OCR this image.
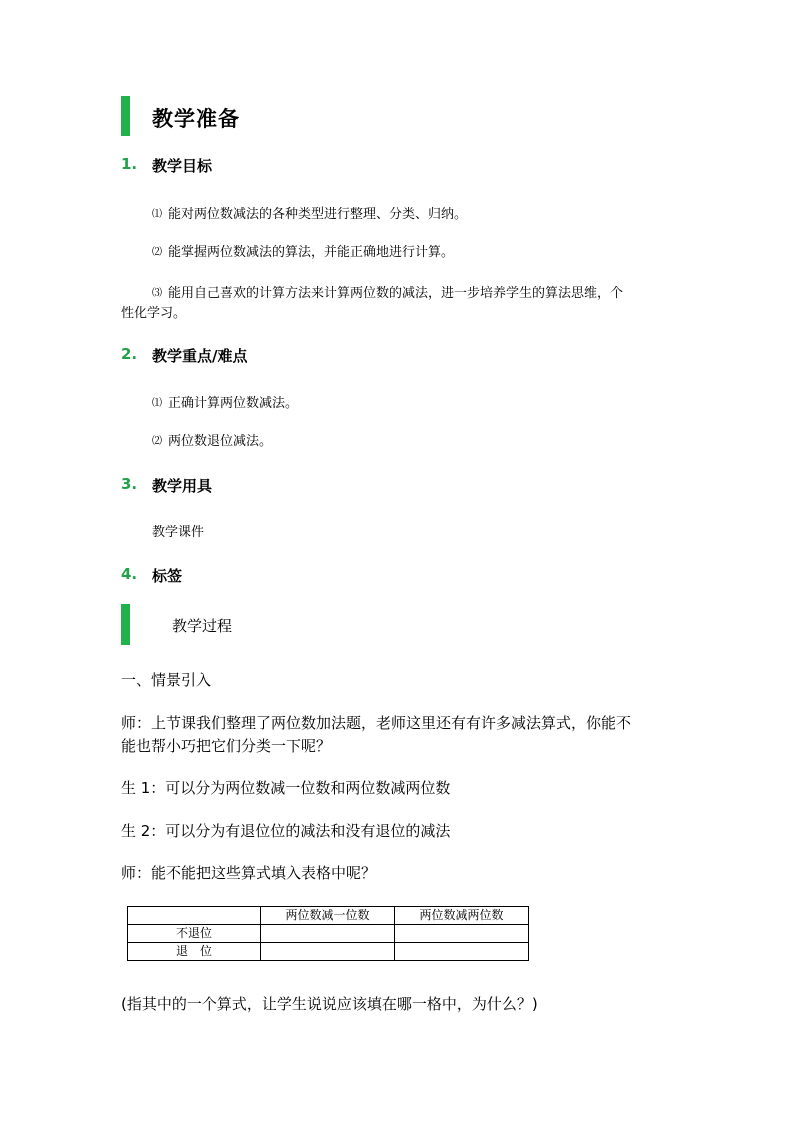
教学准备
1. 教学目标
⑴ 能对两位数减法的各种类型进行整理、分类、归纳。
⑵ 能掌握两位数减法的算法，并能正确地进行计算。
⑶ 能用自己喜欢的计算方法来计算两位数的减法，进一步培养学生的算法思维，个
性化学习。
2. 教学重点/难点
⑴ 正确计算两位数减法。
⑵ 两位数退位减法。
3. 教学用具
教学课件
4. 标签
教学过程
一、情景引入
师：上节课我们整理了两位数加法题，老师这里还有有许多减法算式，你能不
能也帮小巧把它们分类一下呢？
生 1：可以分为两位数减一位数和两位数减两位数
生 2：可以分为有退位位的减法和没有退位的减法
师：能不能把这些算式填入表格中呢？
	两位数减一位数	两位数减两位数
不退位		
退　位		
(指其中的一个算式，让学生说说应该填在哪一格中，为什么？)
